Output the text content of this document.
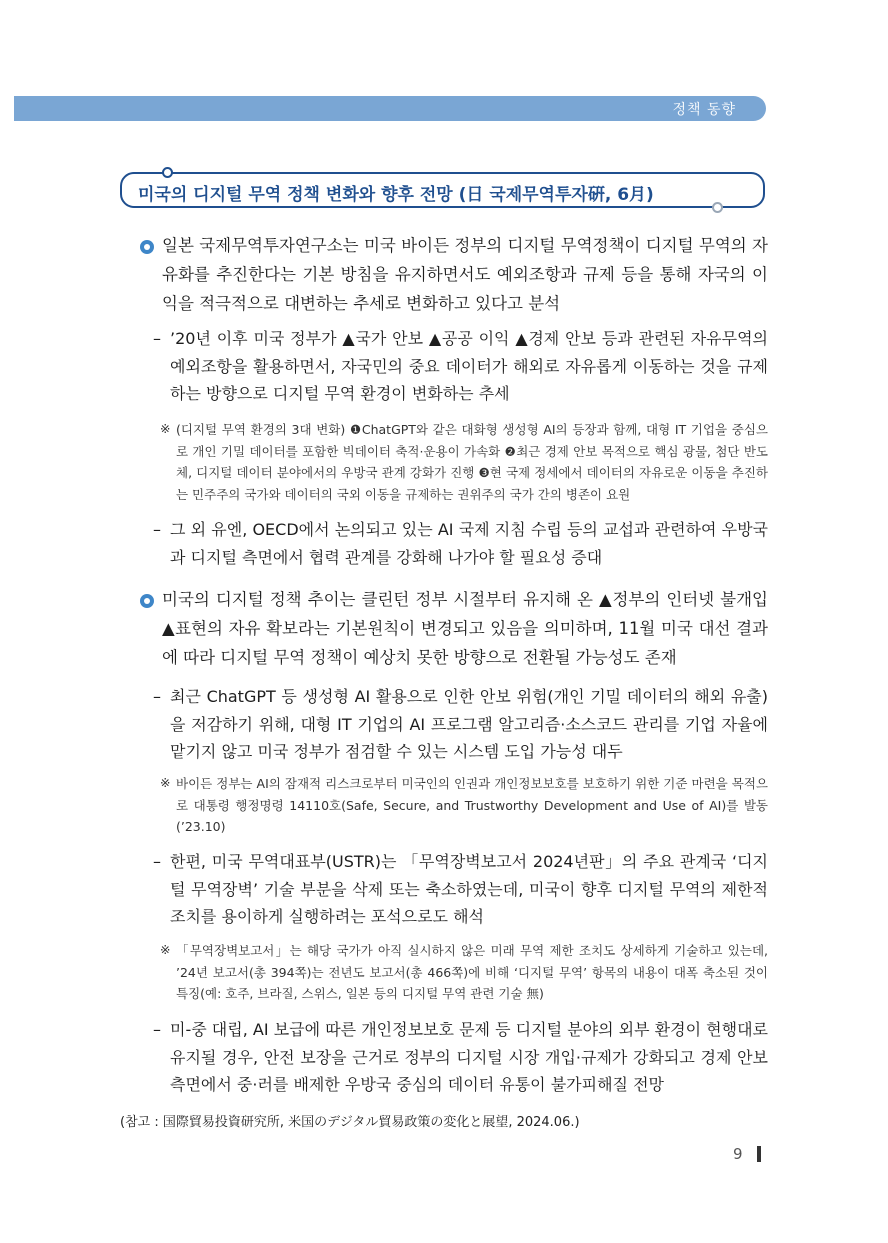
정책 동향
미국의 디지털 무역 정책 변화와 향후 전망 (日 국제무역투자硏, 6月)
일본 국제무역투자연구소는 미국 바이든 정부의 디지털 무역정책이 디지털 무역의 자유화를 추진한다는 기본 방침을 유지하면서도 예외조항과 규제 등을 통해 자국의 이익을 적극적으로 대변하는 추세로 변화하고 있다고 분석
– ’20년 이후 미국 정부가 ▲국가 안보 ▲공공 이익 ▲경제 안보 등과 관련된 자유무역의 예외조항을 활용하면서, 자국민의 중요 데이터가 해외로 자유롭게 이동하는 것을 규제하는 방향으로 디지털 무역 환경이 변화하는 추세
※ (디지털 무역 환경의 3대 변화) ❶ChatGPT와 같은 대화형 생성형 AI의 등장과 함께, 대형 IT 기업을 중심으로 개인 기밀 데이터를 포함한 빅데이터 축적·운용이 가속화 ❷최근 경제 안보 목적으로 핵심 광물, 첨단 반도체, 디지털 데이터 분야에서의 우방국 관계 강화가 진행 ❸현 국제 정세에서 데이터의 자유로운 이동을 추진하는 민주주의 국가와 데이터의 국외 이동을 규제하는 권위주의 국가 간의 병존이 요원
– 그 외 유엔, OECD에서 논의되고 있는 AI 국제 지침 수립 등의 교섭과 관련하여 우방국과 디지털 측면에서 협력 관계를 강화해 나가야 할 필요성 증대
미국의 디지털 정책 추이는 클린턴 정부 시절부터 유지해 온 ▲정부의 인터넷 불개입 ▲표현의 자유 확보라는 기본원칙이 변경되고 있음을 의미하며, 11월 미국 대선 결과에 따라 디지털 무역 정책이 예상치 못한 방향으로 전환될 가능성도 존재
– 최근 ChatGPT 등 생성형 AI 활용으로 인한 안보 위험(개인 기밀 데이터의 해외 유출)을 저감하기 위해, 대형 IT 기업의 AI 프로그램 알고리즘·소스코드 관리를 기업 자율에 맡기지 않고 미국 정부가 점검할 수 있는 시스템 도입 가능성 대두
※ 바이든 정부는 AI의 잠재적 리스크로부터 미국인의 인권과 개인정보보호를 보호하기 위한 기준 마련을 목적으로 대통령 행정명령 14110호(Safe, Secure, and Trustworthy Development and Use of AI)를 발동(’23.10)
– 한편, 미국 무역대표부(USTR)는 「무역장벽보고서 2024년판」의 주요 관계국 ‘디지털 무역장벽’ 기술 부분을 삭제 또는 축소하였는데, 미국이 향후 디지털 무역의 제한적 조치를 용이하게 실행하려는 포석으로도 해석
※ 「무역장벽보고서」는 해당 국가가 아직 실시하지 않은 미래 무역 제한 조치도 상세하게 기술하고 있는데, ’24년 보고서(총 394쪽)는 전년도 보고서(총 466쪽)에 비해 ‘디지털 무역’ 항목의 내용이 대폭 축소된 것이 특징(예: 호주, 브라질, 스위스, 일본 등의 디지털 무역 관련 기술 無)
– 미-중 대립, AI 보급에 따른 개인정보보호 문제 등 디지털 분야의 외부 환경이 현행대로 유지될 경우, 안전 보장을 근거로 정부의 디지털 시장 개입·규제가 강화되고 경제 안보 측면에서 중·러를 배제한 우방국 중심의 데이터 유통이 불가피해질 전망
(참고 : 国際貿易投資研究所, 米国のデジタル貿易政策の変化と展望, 2024.06.)
9
